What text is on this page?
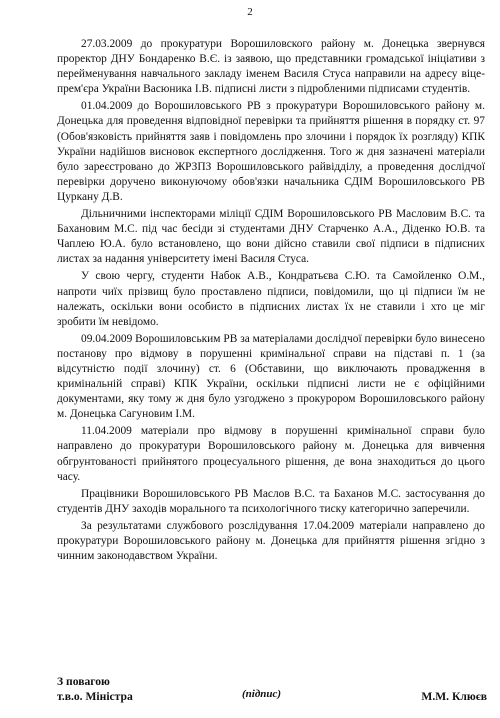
2

27.03.2009 до прокуратури Ворошиловского району м. Донецька звернувся проректор ДНУ Бондаренко В.Є. із заявою, що представники громадської ініціативи з перейменування навчального закладу іменем Василя Стуса направили на адресу віце-прем'єра України Васюника І.В. підписні листи з підробленими підписами студентів.

01.04.2009 до Ворошиловського РВ з прокуратури Ворошиловського району м. Донецька для проведення відповідної перевірки та прийняття рішення в порядку ст. 97 (Обов'язковість прийняття заяв і повідомлень про злочини і порядок їх розгляду) КПК України надійшов висновок експертного дослідження. Того ж дня зазначені матеріали було зареєстровано до ЖРЗПЗ Ворошиловського райвідділу, а проведення дослідчої перевірки доручено виконуючому обов'язки начальника СДІМ Ворошиловського РВ Цуркану Д.В.

Дільничними інспекторами міліції СДІМ Ворошиловського РВ Масловим В.С. та Бахановим М.С. під час бесіди зі студентами ДНУ Старченко А.А., Діденко Ю.В. та Чаплею Ю.А. було встановлено, що вони дійсно ставили свої підписи в підписних листах за надання університету імені Василя Стуса.

У свою чергу, студенти Набок А.В., Кондратьєва С.Ю. та Самойленко О.М., напроти чиїх прізвищ було проставлено підписи, повідомили, що ці підписи їм не належать, оскільки вони особисто в підписних листах їх не ставили і хто це міг зробити їм невідомо.

09.04.2009 Ворошиловським РВ за матеріалами дослідчої перевірки було винесено постанову про відмову в порушенні кримінальної справи на підставі п. 1 (за відсутністю події злочину) ст. 6 (Обставини, що виключають провадження в кримінальній справі) КПК України, оскільки підписні листи не є офіційними документами, яку тому ж дня було узгоджено з прокурором Ворошиловського району м. Донецька Сагуновим І.М.

11.04.2009 матеріали про відмову в порушенні кримінальної справи було направлено до прокуратури Ворошиловського району м. Донецька для вивчення обгрунтованості прийнятого процесуального рішення, де вона знаходиться до цього часу.

Працівники Ворошиловського РВ Маслов В.С. та Баханов М.С. застосування до студентів ДНУ заходів морального та психологічного тиску категорично заперечили.

За результатами службового розслідування 17.04.2009 матеріали направлено до прокуратури Ворошиловського району м. Донецька для прийняття рішення згідно з чинним законодавством України.

З повагою
т.в.о. Міністра	(підпис)	М.М. Клюєв
